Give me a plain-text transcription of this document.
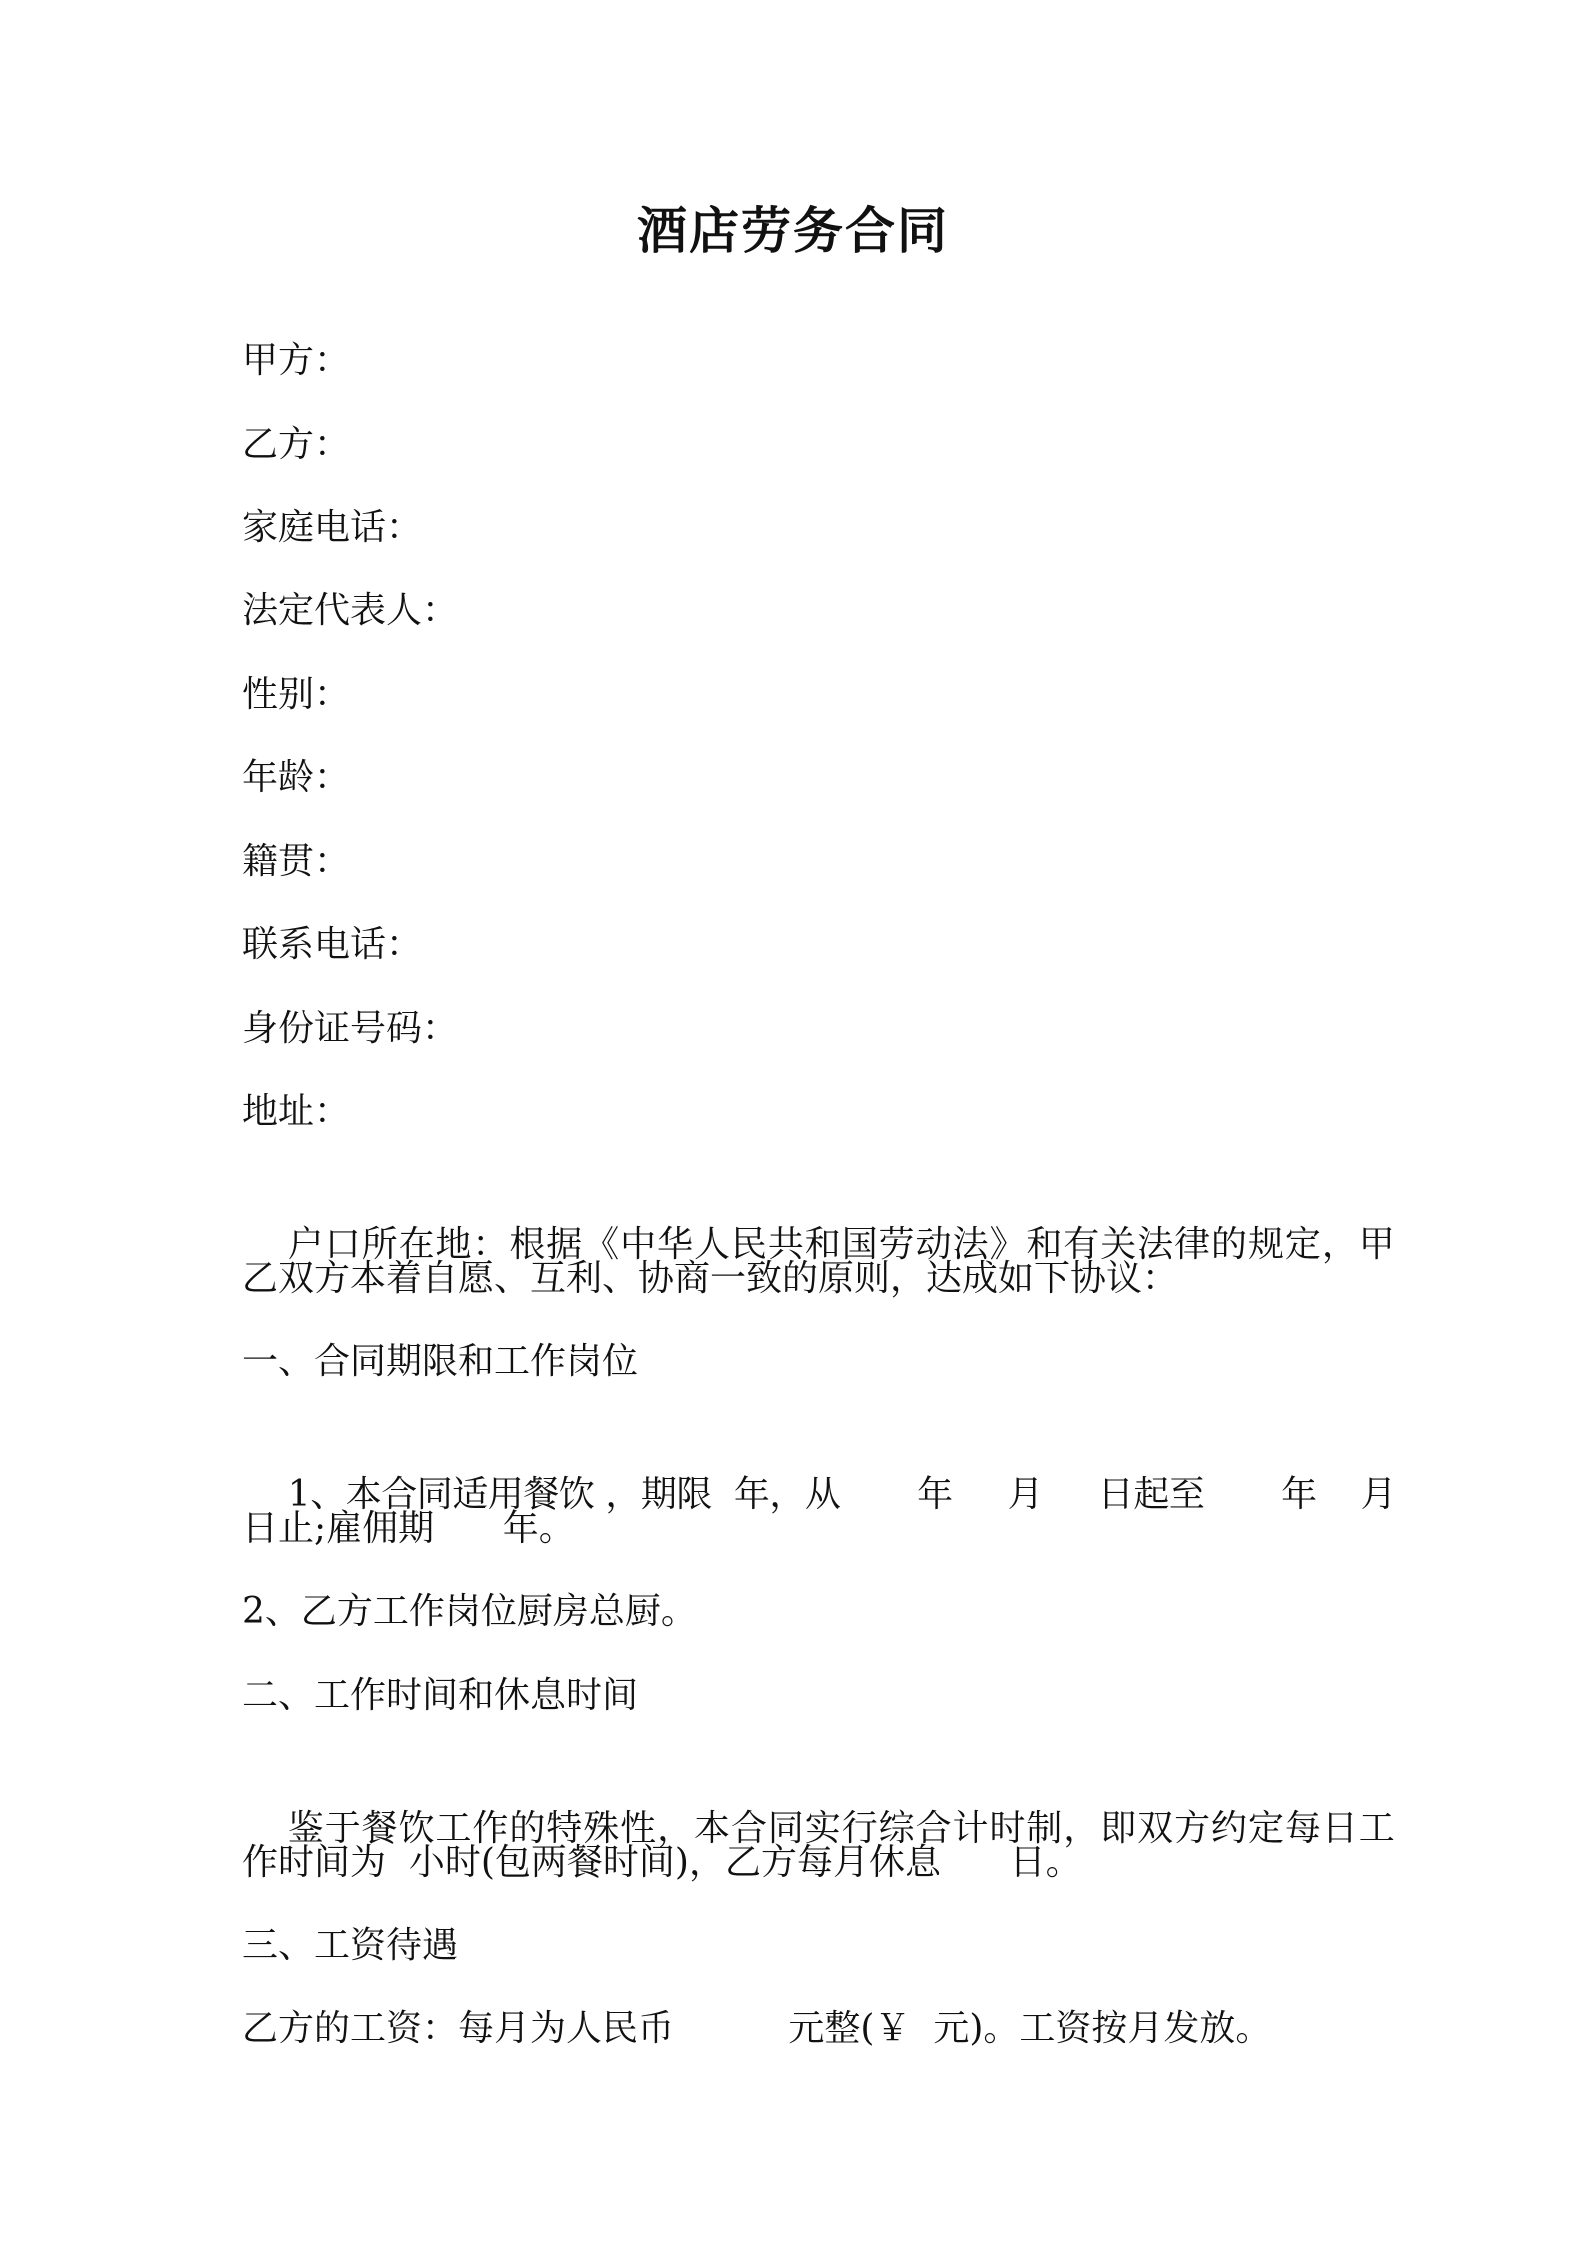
酒店劳务合同
甲方：
乙方：
家庭电话：
法定代表人：
性别：
年龄：
籍贯：
联系电话：
身份证号码：
地址：

户口所在地：根据《中华人民共和国劳动法》和有关法律的规定，甲

乙双方本着自愿、互利、协商一致的原则，达成如下协议：
一、合同期限和工作岗位

1、本合同适用餐饮 ，期限  年，从       年     月     日起至       年    月

日止;雇佣期      年。
2、乙方工作岗位厨房总厨。
二、工作时间和休息时间

鉴于餐饮工作的特殊性，本合同实行综合计时制，即双方约定每日工

作时间为  小时(包两餐时间)，乙方每月休息      日。
三、工资待遇
乙方的工资：每月为人民币          元整(￥  元)。工资按月发放。
